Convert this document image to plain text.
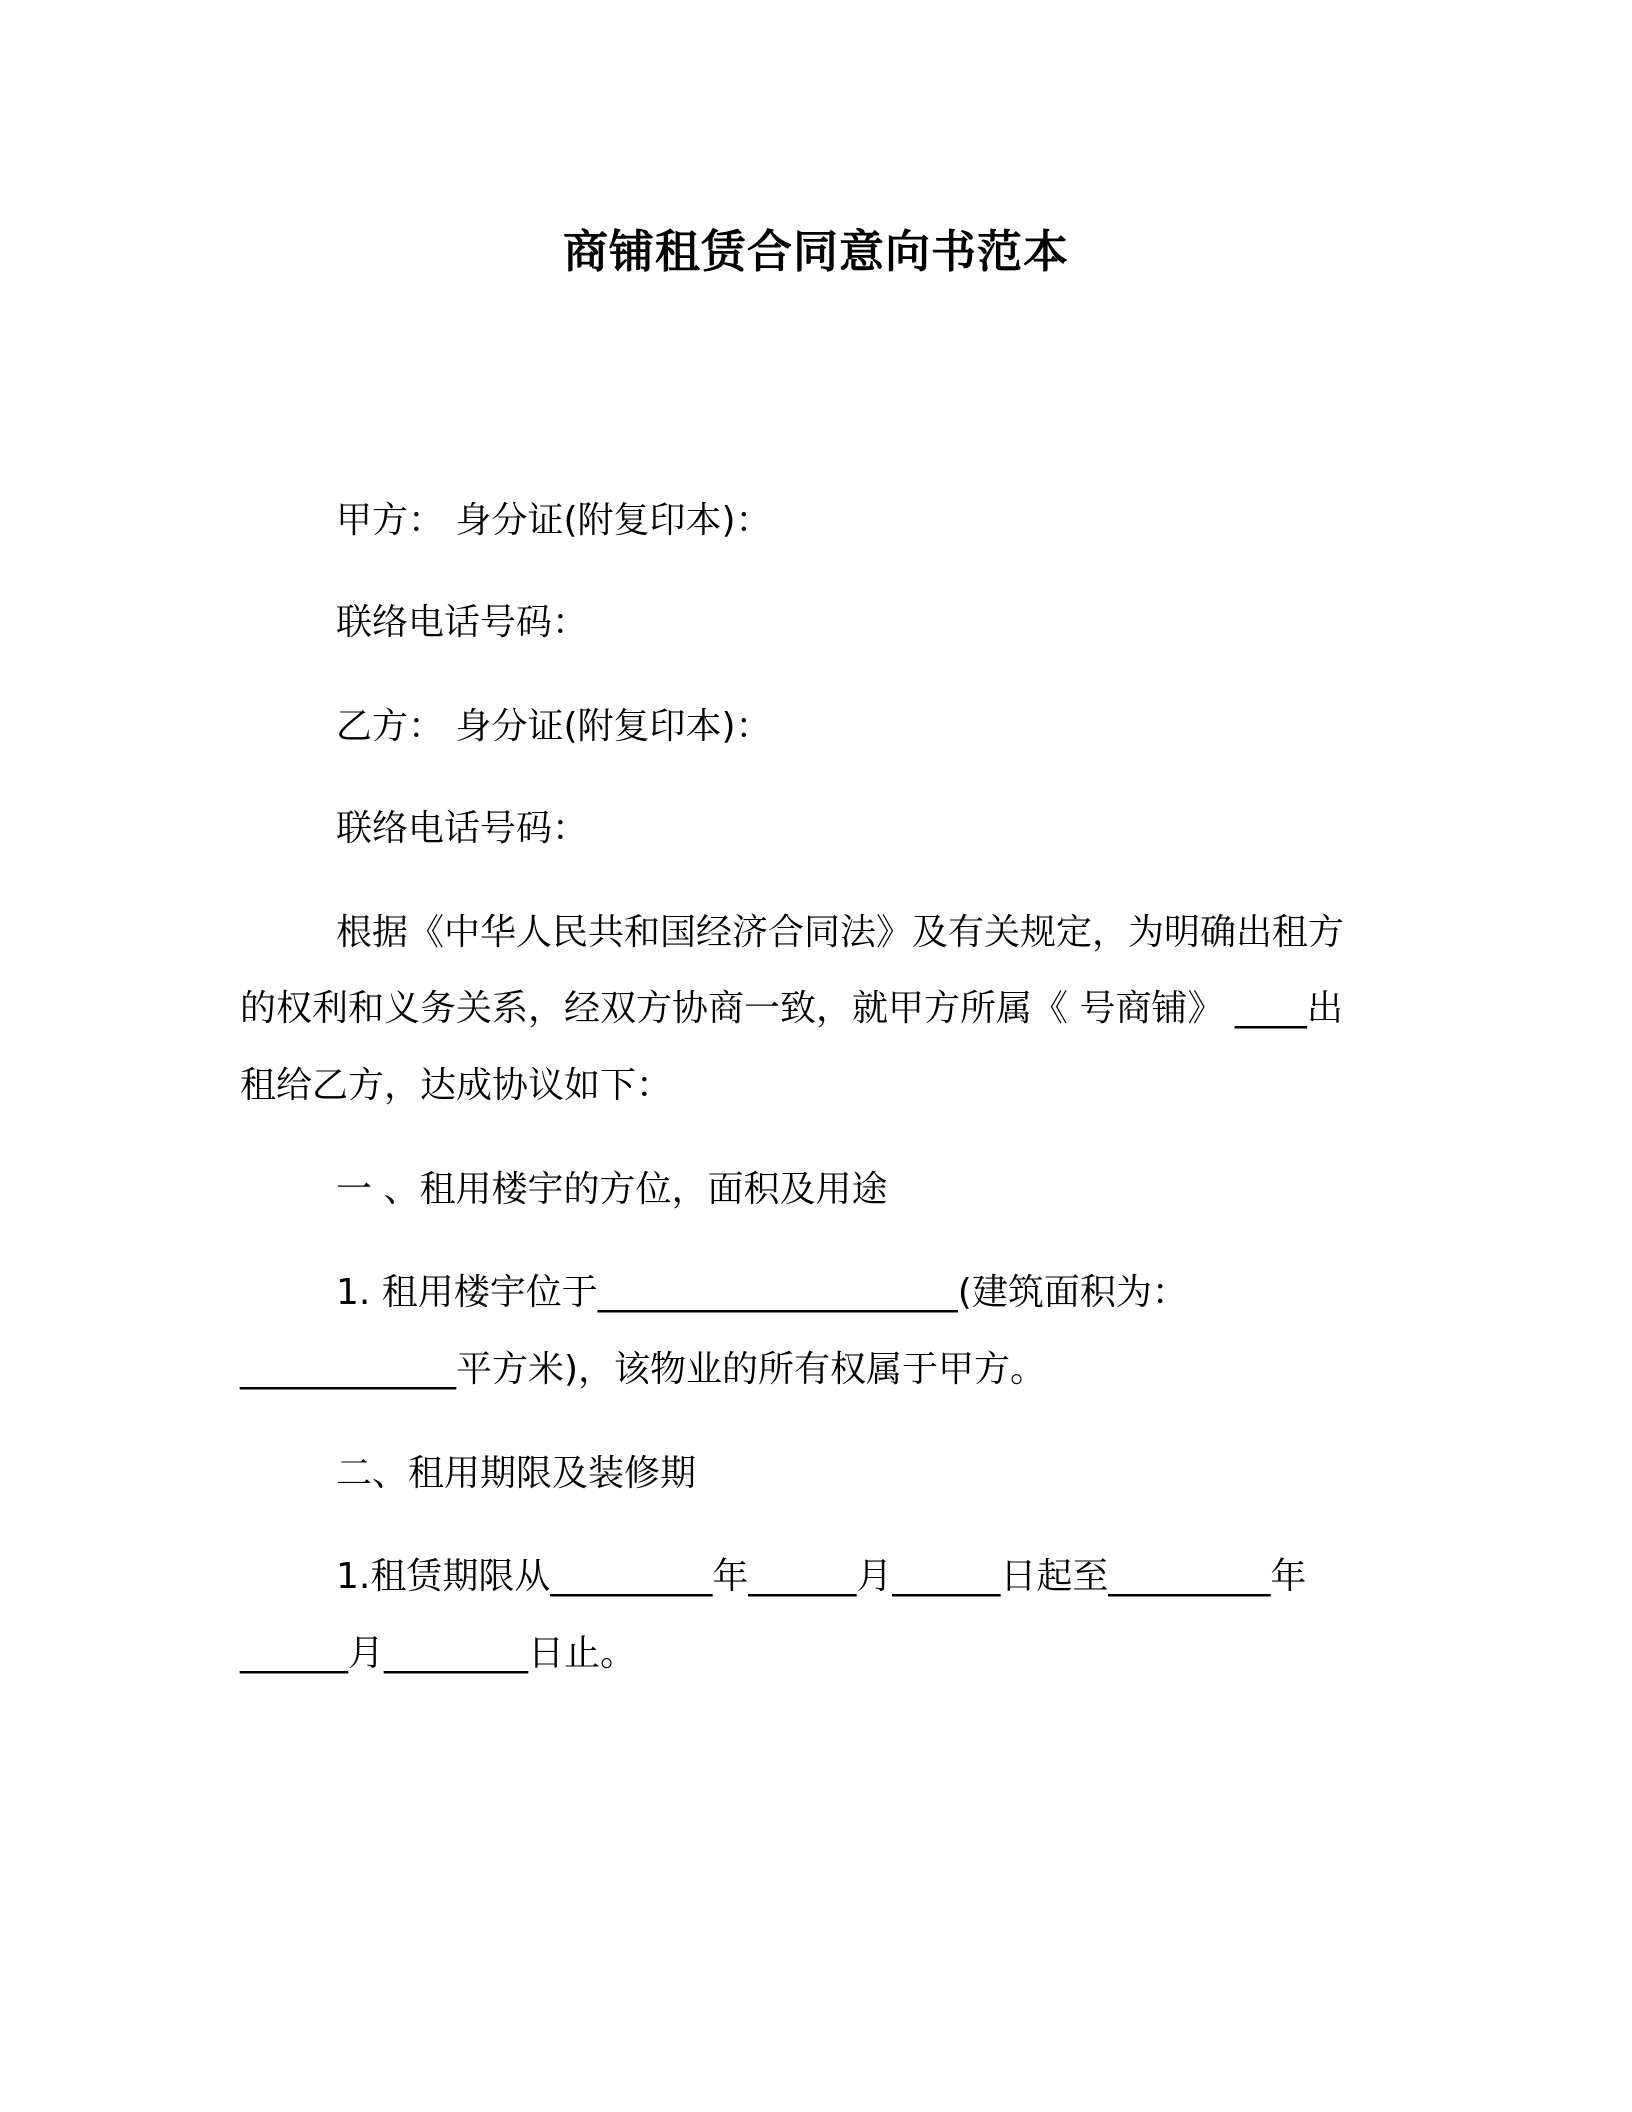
商铺租赁合同意向书范本
甲方： 身分证(附复印本)：
联络电话号码：
乙方： 身分证(附复印本)：
联络电话号码：
根据《中华人民共和国经济合同法》及有关规定，为明确出租方
的权利和义务关系，经双方协商一致，就甲方所属《 号商铺》 ____出
租给乙方，达成协议如下：
一 、租用楼宇的方位，面积及用途
1. 租用楼宇位于____________________(建筑面积为：
____________平方米)，该物业的所有权属于甲方。
二、租用期限及装修期
1.租赁期限从_________年______月______日起至_________年
______月________日止。
